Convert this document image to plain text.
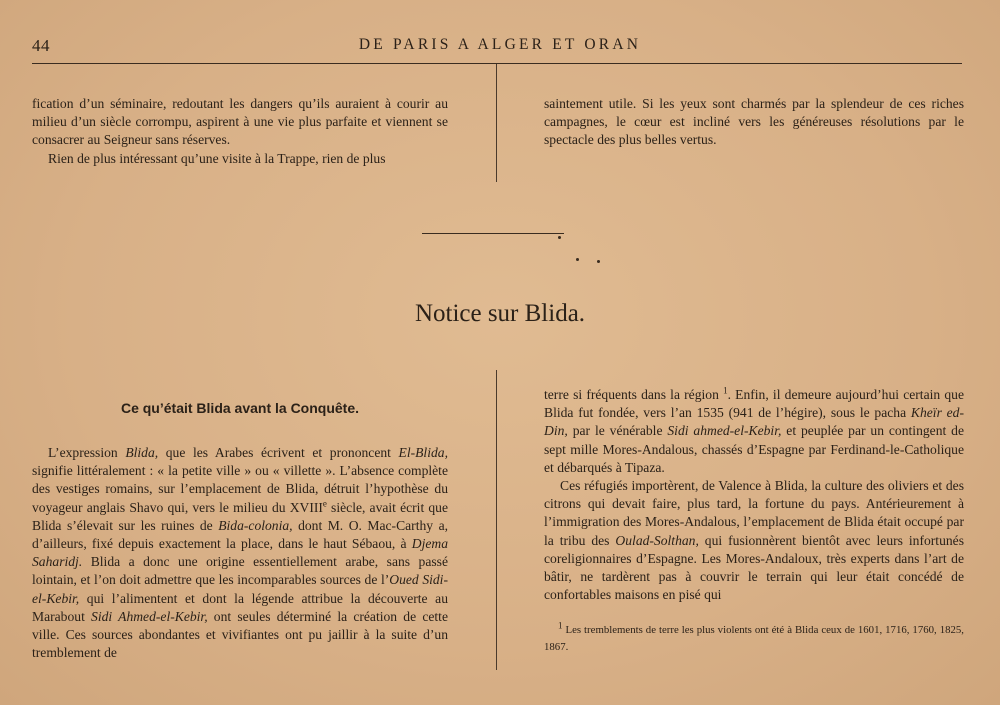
44	DE PARIS A ALGER ET ORAN

fication d’un séminaire, redoutant les dangers qu’ils auraient à courir au milieu d’un siècle corrompu, aspirent à une vie plus parfaite et viennent se consacrer au Seigneur sans réserves.

Rien de plus intéressant qu’une visite à la Trappe, rien de plus

saintement utile. Si les yeux sont charmés par la splendeur de ces riches campagnes, le cœur est incliné vers les généreuses résolutions par le spectacle des plus belles vertus.

Notice sur Blida.
Ce qu’était Blida avant la Conquête.

L’expression Blida, que les Arabes écrivent et prononcent El-Blida, signifie littéralement : « la petite ville » ou « villette ». L’absence complète des vestiges romains, sur l’emplacement de Blida, détruit l’hypothèse du voyageur anglais Shavo qui, vers le milieu du XVIIIe siècle, avait écrit que Blida s’élevait sur les ruines de Bida-colonia, dont M. O. Mac-Carthy a, d’ailleurs, fixé depuis exactement la place, dans le haut Sébaou, à Djema Saharidj. Blida a donc une origine essentiellement arabe, sans passé lointain, et l’on doit admettre que les incomparables sources de l’Oued Sidi-el-Kebir, qui l’alimentent et dont la légende attribue la découverte au Marabout Sidi Ahmed-el-Kebir, ont seules déterminé la création de cette ville. Ces sources abondantes et vivifiantes ont pu jaillir à la suite d’un tremblement de

terre si fréquents dans la région $^1$. Enfin, il demeure aujourd’hui certain que Blida fut fondée, vers l’an 1535 (941 de l’hégire), sous le pacha Kheïr ed-Din, par le vénérable Sidi ahmed-el-Kebir, et peuplée par un contingent de sept mille Mores-Andalous, chassés d’Espagne par Ferdinand-le-Catholique et débarqués à Tipaza.

Ces réfugiés importèrent, de Valence à Blida, la culture des oliviers et des citrons qui devait faire, plus tard, la fortune du pays. Antérieurement à l’immigration des Mores-Andalous, l’emplacement de Blida était occupé par la tribu des Oulad-Solthan, qui fusionnèrent bientôt avec leurs infortunés coreligionnaires d’Espagne. Les Mores-Andaloux, très experts dans l’art de bâtir, ne tardèrent pas à couvrir le terrain qui leur était concédé de confortables maisons en pisé qui

$^1$ Les tremblements de terre les plus violents ont été à Blida ceux de 1601, 1716, 1760, 1825, 1867.
